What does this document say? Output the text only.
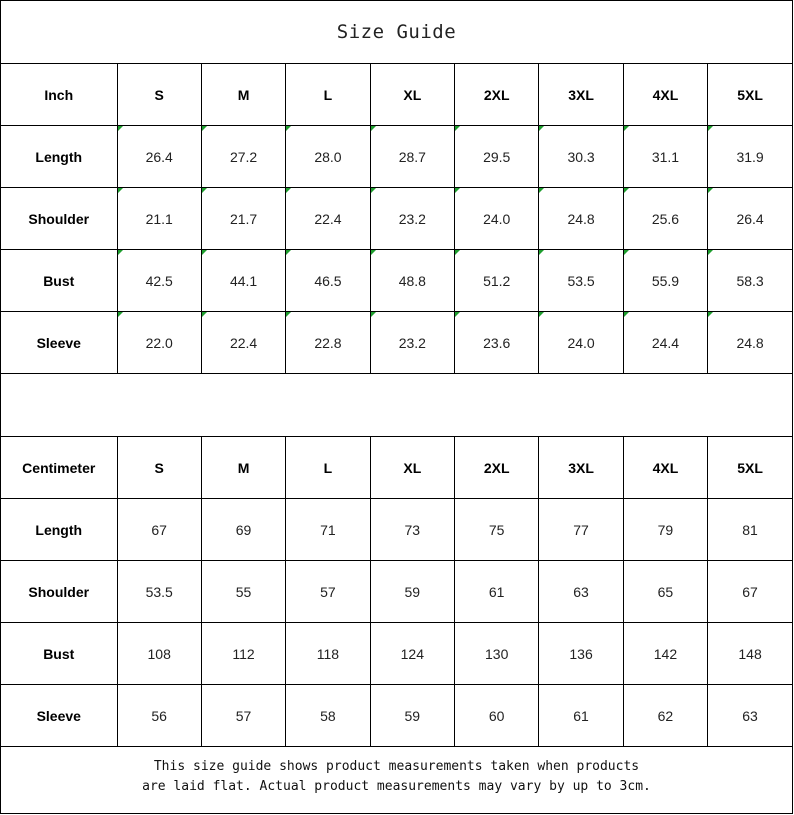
Size Guide
Inch	S	M	L	XL	2XL	3XL	4XL	5XL
Length	26.4	27.2	28.0	28.7	29.5	30.3	31.1	31.9
Shoulder	21.1	21.7	22.4	23.2	24.0	24.8	25.6	26.4
Bust	42.5	44.1	46.5	48.8	51.2	53.5	55.9	58.3
Sleeve	22.0	22.4	22.8	23.2	23.6	24.0	24.4	24.8
Centimeter	S	M	L	XL	2XL	3XL	4XL	5XL
Length	67	69	71	73	75	77	79	81
Shoulder	53.5	55	57	59	61	63	65	67
Bust	108	112	118	124	130	136	142	148
Sleeve	56	57	58	59	60	61	62	63
This size guide shows product measurements taken when products
are laid flat. Actual product measurements may vary by up to 3cm.
